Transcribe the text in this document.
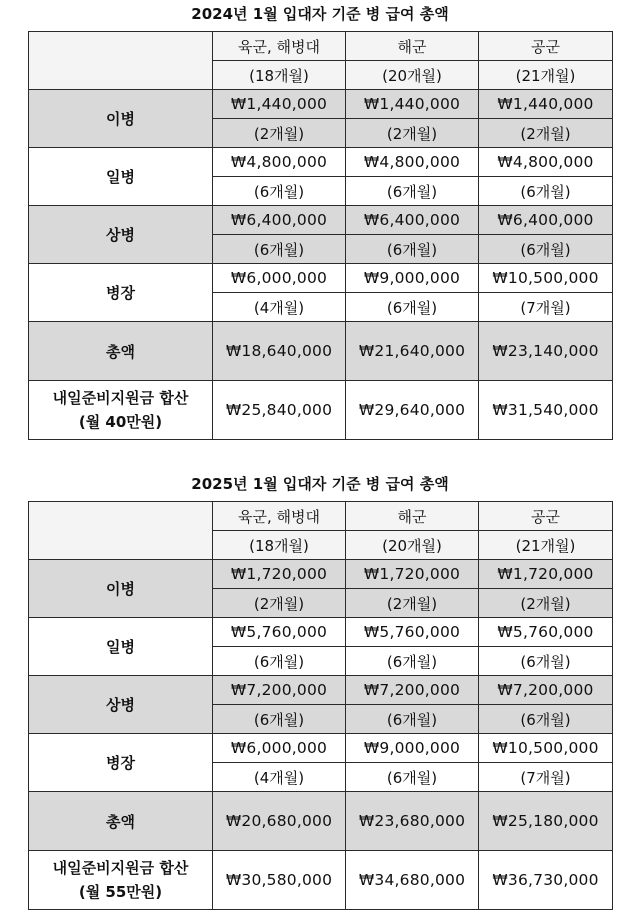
2024년 1월 입대자 기준 병 급여 총액
	육군, 해병대	해군	공군
	(18개월)	(20개월)	(21개월)
이병	₩1,440,000	₩1,440,000	₩1,440,000
	(2개월)	(2개월)	(2개월)
일병	₩4,800,000	₩4,800,000	₩4,800,000
	(6개월)	(6개월)	(6개월)
상병	₩6,400,000	₩6,400,000	₩6,400,000
	(6개월)	(6개월)	(6개월)
병장	₩6,000,000	₩9,000,000	₩10,500,000
	(4개월)	(6개월)	(7개월)
총액	₩18,640,000	₩21,640,000	₩23,140,000

내일준비지원금 합산
(월 40만원)	₩25,840,000	₩29,640,000	₩31,540,000
2025년 1월 입대자 기준 병 급여 총액
	육군, 해병대	해군	공군
	(18개월)	(20개월)	(21개월)
이병	₩1,720,000	₩1,720,000	₩1,720,000
	(2개월)	(2개월)	(2개월)
일병	₩5,760,000	₩5,760,000	₩5,760,000
	(6개월)	(6개월)	(6개월)
상병	₩7,200,000	₩7,200,000	₩7,200,000
	(6개월)	(6개월)	(6개월)
병장	₩6,000,000	₩9,000,000	₩10,500,000
	(4개월)	(6개월)	(7개월)
총액	₩20,680,000	₩23,680,000	₩25,180,000

내일준비지원금 합산
(월 55만원)	₩30,580,000	₩34,680,000	₩36,730,000
